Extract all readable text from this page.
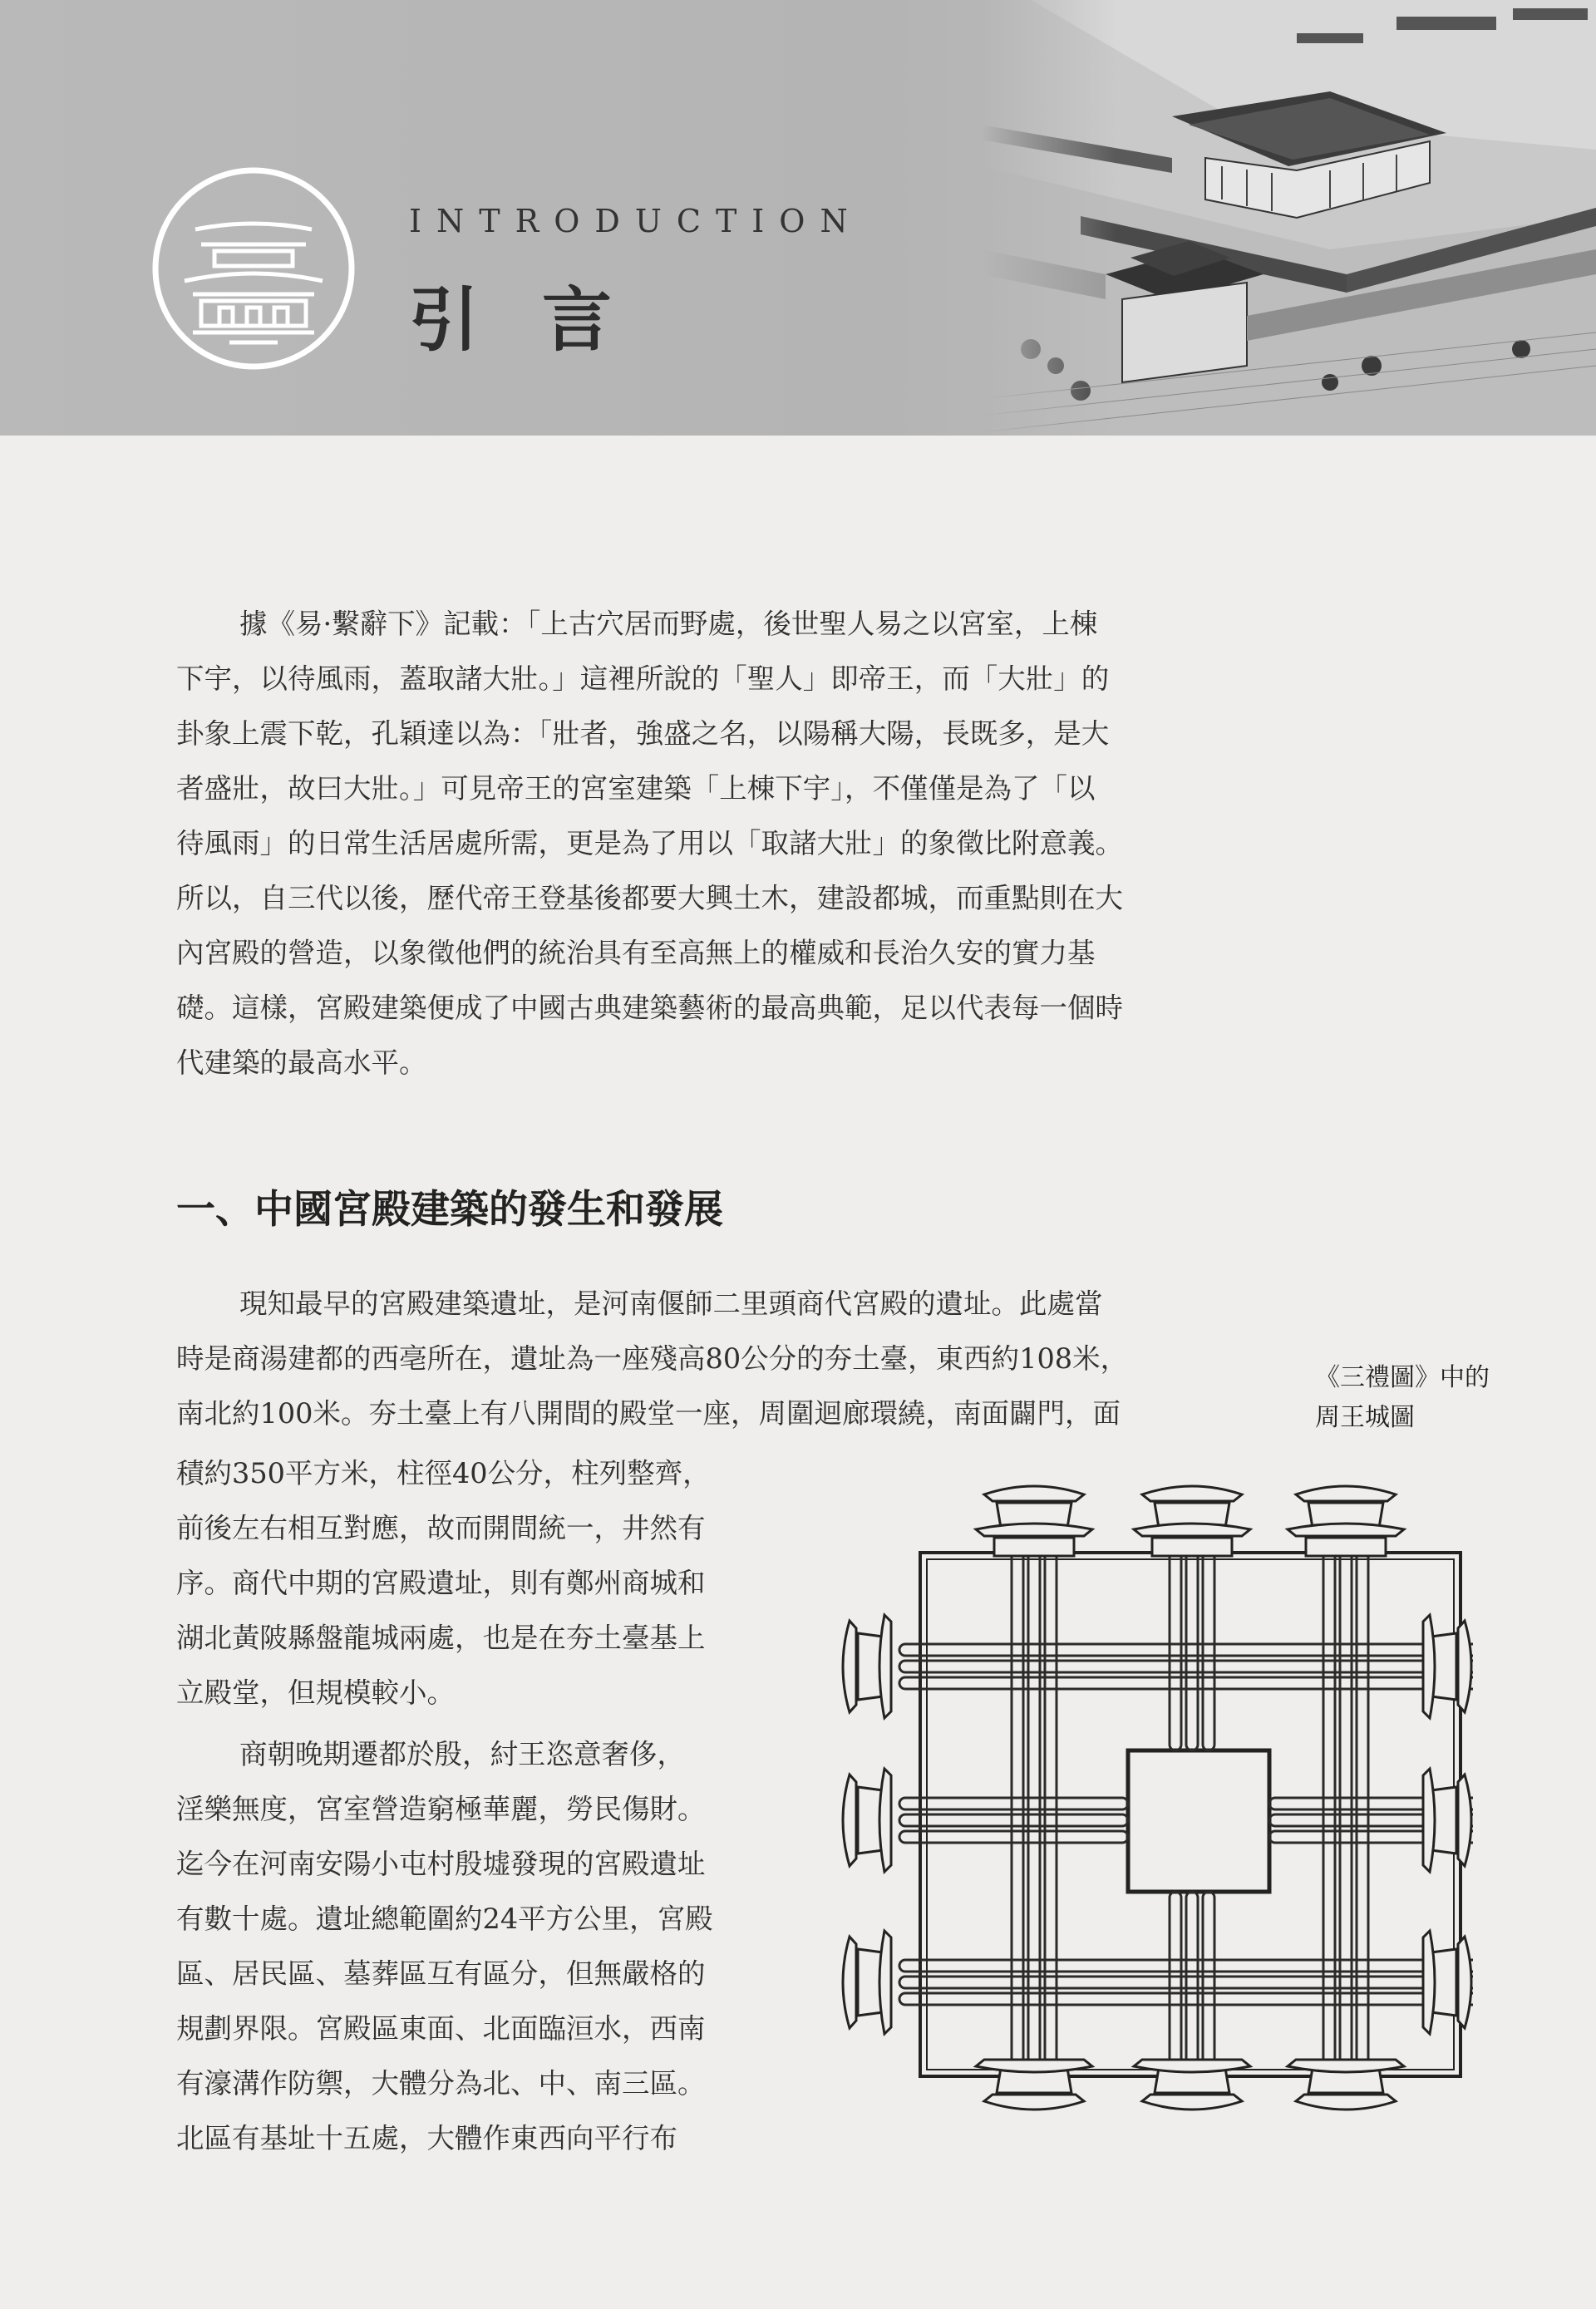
INTRODUCTION
引言

據《易·繫辭下》記載：「上古穴居而野處，後世聖人易之以宮室，上棟
下宇，以待風雨，蓋取諸大壯。」這裡所說的「聖人」即帝王，而「大壯」的
卦象上震下乾，孔穎達以為：「壯者，強盛之名，以陽稱大陽，長既多，是大
者盛壯，故曰大壯。」可見帝王的宮室建築「上棟下宇」，不僅僅是為了「以
待風雨」的日常生活居處所需，更是為了用以「取諸大壯」的象徵比附意義。
所以，自三代以後，歷代帝王登基後都要大興土木，建設都城，而重點則在大
內宮殿的營造，以象徵他們的統治具有至高無上的權威和長治久安的實力基
礎。這樣，宮殿建築便成了中國古典建築藝術的最高典範，足以代表每一個時
代建築的最高水平。

一、中國宮殿建築的發生和發展

現知最早的宮殿建築遺址，是河南偃師二里頭商代宮殿的遺址。此處當
時是商湯建都的西亳所在，遺址為一座殘高80公分的夯土臺，東西約108米，
南北約100米。夯土臺上有八開間的殿堂一座，周圍迴廊環繞，南面闢門，面

積約350平方米，柱徑40公分，柱列整齊，
前後左右相互對應，故而開間統一，井然有
序。商代中期的宮殿遺址，則有鄭州商城和
湖北黃陂縣盤龍城兩處，也是在夯土臺基上
立殿堂，但規模較小。

商朝晚期遷都於殷，紂王恣意奢侈，
淫樂無度，宮室營造窮極華麗，勞民傷財。
迄今在河南安陽小屯村殷墟發現的宮殿遺址
有數十處。遺址總範圍約24平方公里，宮殿
區、居民區、墓葬區互有區分，但無嚴格的
規劃界限。宮殿區東面、北面臨洹水，西南
有濠溝作防禦，大體分為北、中、南三區。
北區有基址十五處，大體作東西向平行布

《三禮圖》中的
周王城圖
